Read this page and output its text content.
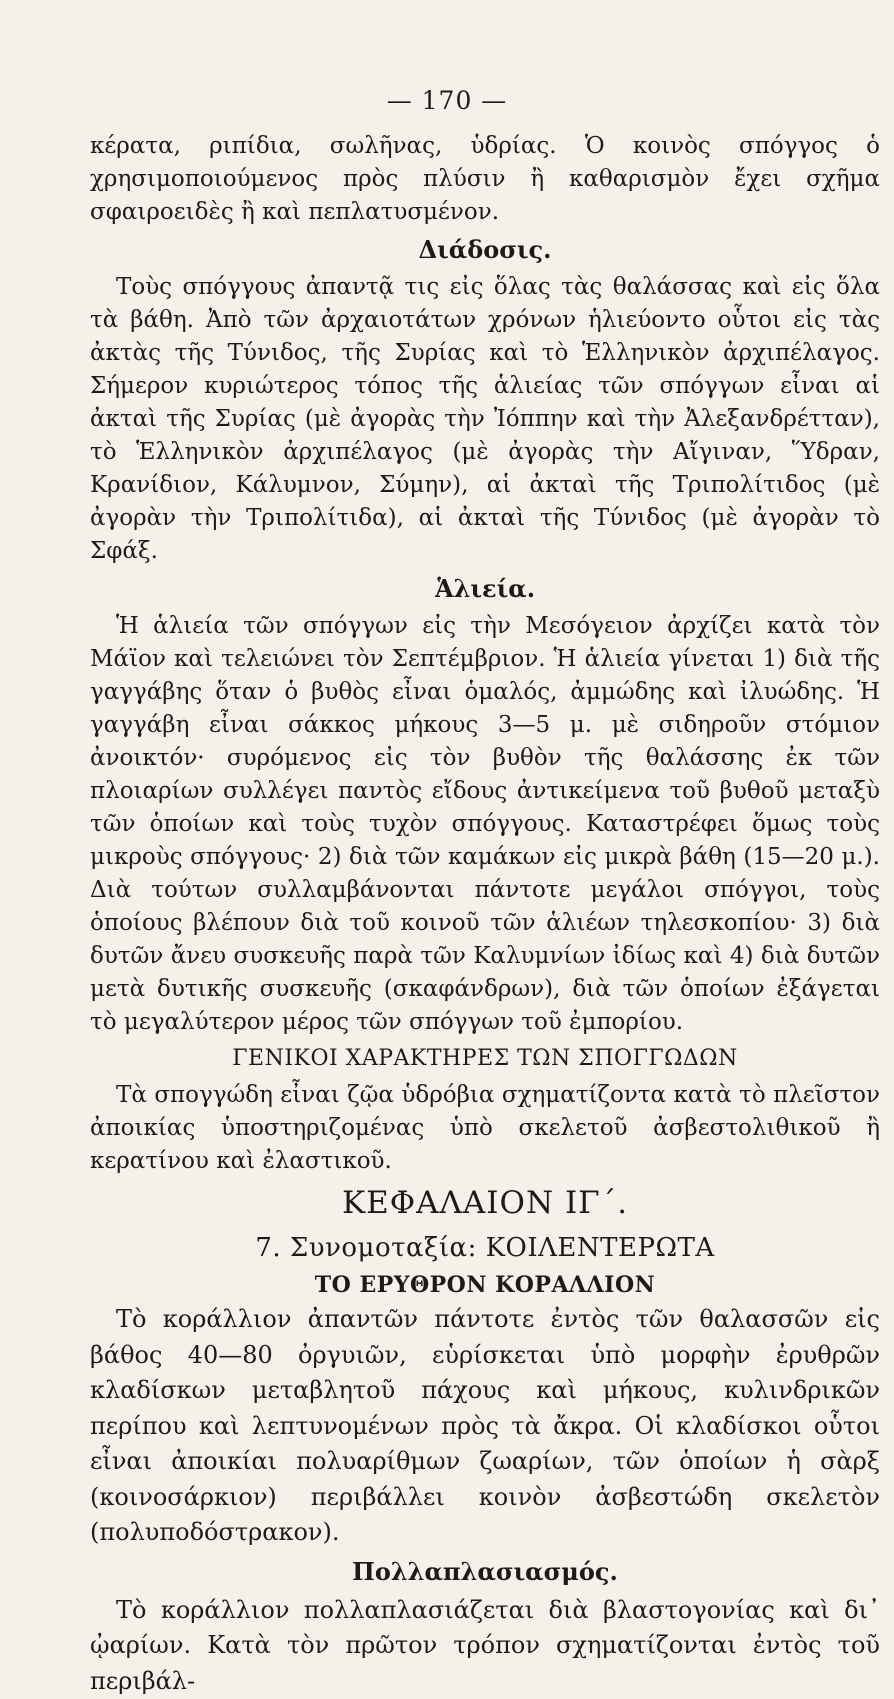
— 170 —

κέρατα, ριπίδια, σωλῆνας, ὑδρίας. Ὁ κοινὸς σπόγγος ὁ χρησιμοποιούμενος πρὸς πλύσιν ἢ καθαρισμὸν ἔχει σχῆμα σφαιροειδὲς ἢ καὶ πεπλατυσμένον.

Διάδοσις.

Τοὺς σπόγγους ἀπαντᾷ τις εἰς ὅλας τὰς θαλάσσας καὶ εἰς ὅλα τὰ βάθη. Ἀπὸ τῶν ἀρχαιοτάτων χρόνων ἡλιεύοντο οὗτοι εἰς τὰς ἀκτὰς τῆς Τύνιδος, τῆς Συρίας καὶ τὸ Ἑλληνικὸν ἀρχιπέλαγος. Σήμερον κυριώτερος τόπος τῆς ἁλιείας τῶν σπόγγων εἶναι αἱ ἀκταὶ τῆς Συρίας (μὲ ἀγορὰς τὴν Ἰόππην καὶ τὴν Ἀλεξανδρέτταν), τὸ Ἑλληνικὸν ἀρχιπέλαγος (μὲ ἀγορὰς τὴν Αἴγιναν, Ὕδραν, Κρανίδιον, Κάλυμνον, Σύμην), αἱ ἀκταὶ τῆς Τριπολίτιδος (μὲ ἀγορὰν τὴν Τριπολίτιδα), αἱ ἀκταὶ τῆς Τύνιδος (μὲ ἀγορὰν τὸ Σφάξ.

Ἁλιεία.

Ἡ ἁλιεία τῶν σπόγγων εἰς τὴν Μεσόγειον ἀρχίζει κατὰ τὸν Μάϊον καὶ τελειώνει τὸν Σεπτέμβριον. Ἡ ἁλιεία γίνεται 1) διὰ τῆς γαγγάβης ὅταν ὁ βυθὸς εἶναι ὁμαλός, ἀμμώδης καὶ ἰλυώδης. Ἡ γαγγάβη εἶναι σάκκος μήκους 3—5 μ. μὲ σιδηροῦν στόμιον ἀνοικτόν· συρόμενος εἰς τὸν βυθὸν τῆς θαλάσσης ἐκ τῶν πλοιαρίων συλλέγει παντὸς εἴδους ἀντικείμενα τοῦ βυθοῦ μεταξὺ τῶν ὁποίων καὶ τοὺς τυχὸν σπόγγους. Καταστρέφει ὅμως τοὺς μικροὺς σπόγγους· 2) διὰ τῶν καμάκων εἰς μικρὰ βάθη (15—20 μ.). Διὰ τούτων συλλαμβάνονται πάντοτε μεγάλοι σπόγγοι, τοὺς ὁποίους βλέπουν διὰ τοῦ κοινοῦ τῶν ἁλιέων τηλεσκοπίου· 3) διὰ δυτῶν ἄνευ συσκευῆς παρὰ τῶν Καλυμνίων ἰδίως καὶ 4) διὰ δυτῶν μετὰ δυτικῆς συσκευῆς (σκαφάνδρων), διὰ τῶν ὁποίων ἐξάγεται τὸ μεγαλύτερον μέρος τῶν σπόγγων τοῦ ἐμπορίου.

ΓΕΝΙΚΟΙ ΧΑΡΑΚΤΗΡΕΣ ΤΩΝ ΣΠΟΓΓΩΔΩΝ

Τὰ σπογγώδη εἶναι ζῷα ὑδρόβια σχηματίζοντα κατὰ τὸ πλεῖστον ἀποικίας ὑποστηριζομένας ὑπὸ σκελετοῦ ἀσβεστολιθικοῦ ἢ κερατίνου καὶ ἐλαστικοῦ.

ΚΕΦΑΛΑΙΟΝ ΙΓ΄.
7. Συνομοταξία: ΚΟΙΛΕΝΤΕΡΩΤΑ
ΤΟ ΕΡΥΘΡΟΝ ΚΟΡΑΛΛΙΟΝ

Τὸ κοράλλιον ἀπαντῶν πάντοτε ἐντὸς τῶν θαλασσῶν εἰς βάθος 40—80 ὀργυιῶν, εὑρίσκεται ὑπὸ μορφὴν ἐρυθρῶν κλαδίσκων μεταβλητοῦ πάχους καὶ μήκους, κυλινδρικῶν περίπου καὶ λεπτυνομένων πρὸς τὰ ἄκρα. Οἱ κλαδίσκοι οὗτοι εἶναι ἀποικίαι πολυαρίθμων ζωαρίων, τῶν ὁποίων ἡ σὰρξ (κοινοσάρκιον) περιβάλλει κοινὸν ἀσβεστώδη σκελετὸν (πολυποδόστρακον).

Πολλαπλασιασμός.

Τὸ κοράλλιον πολλαπλασιάζεται διὰ βλαστογονίας καὶ δι᾽ ᾠαρίων. Κατὰ τὸν πρῶτον τρόπον σχηματίζονται ἐντὸς τοῦ περιβάλ-
